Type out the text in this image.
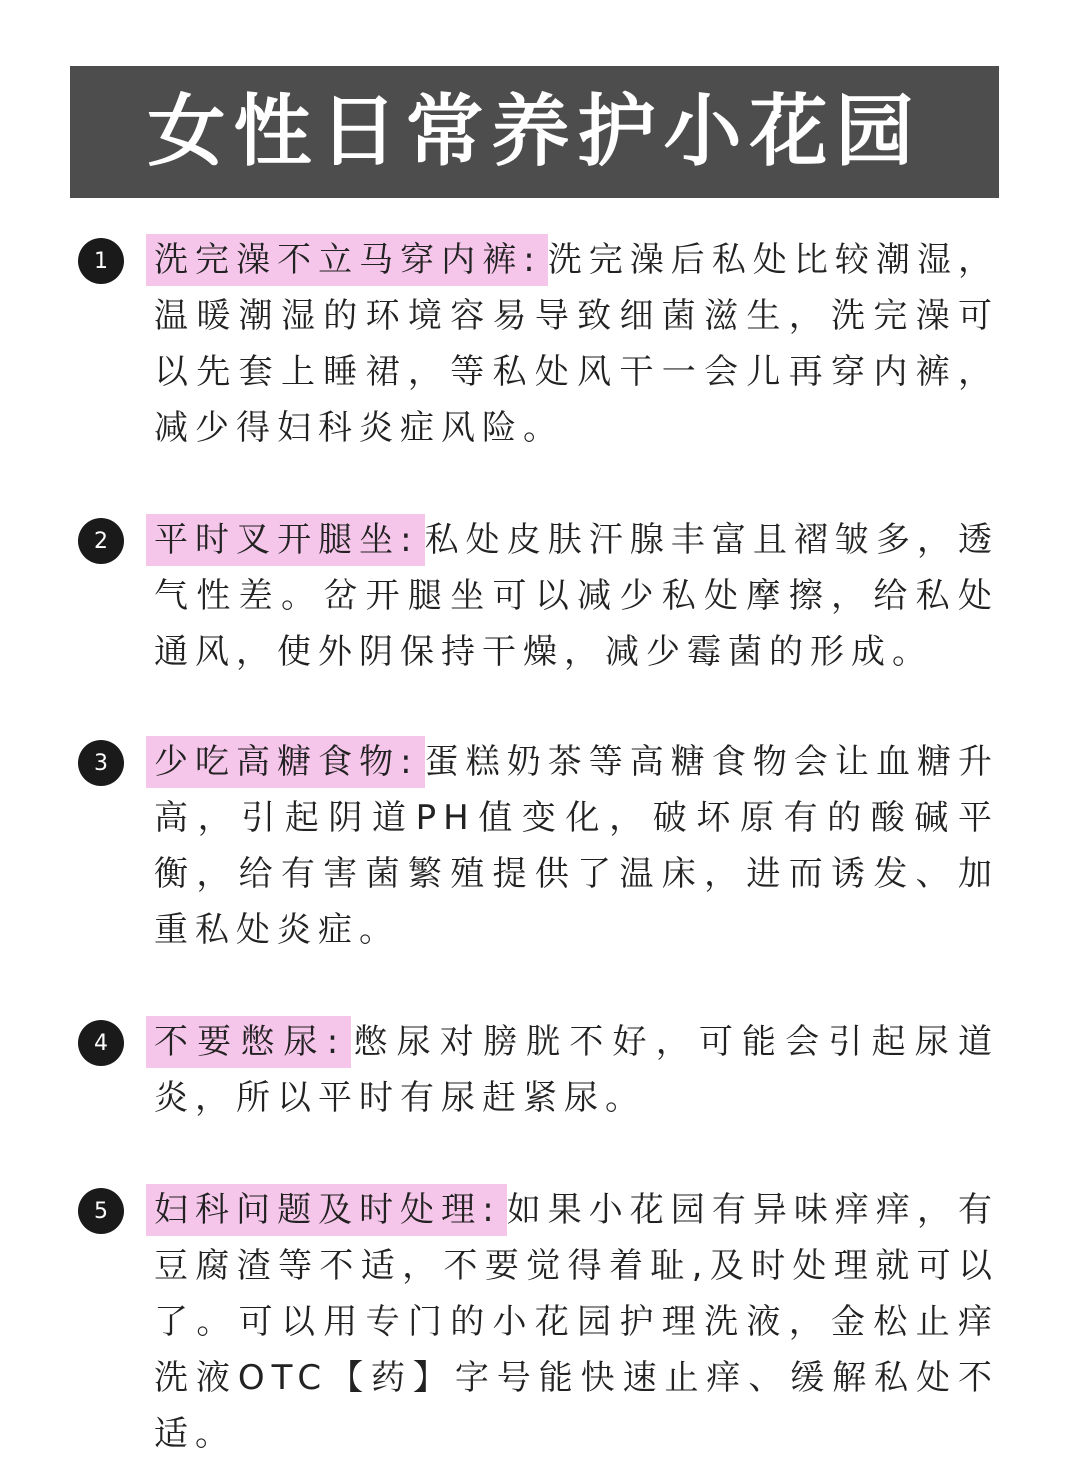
女性日常养护小花园
1	洗完澡不立马穿内裤: 洗完澡后私处比较潮湿，温暖潮湿的环境容易导致细菌滋生，洗完澡可以先套上睡裙，等私处风干一会儿再穿内裤，减少得妇科炎症风险。
2	平时叉开腿坐: 私处皮肤汗腺丰富且褶皱多，透气性差。岔开腿坐可以减少私处摩擦，给私处通风，使外阴保持干燥，减少霉菌的形成。
3	少吃高糖食物: 蛋糕奶茶等高糖食物会让血糖升高，引起阴道PH值变化，破坏原有的酸碱平衡，给有害菌繁殖提供了温床，进而诱发、加重私处炎症。
4	不要憋尿: 憋尿对膀胱不好，可能会引起尿道炎，所以平时有尿赶紧尿。
5	妇科问题及时处理: 如果小花园有异味痒痒，有豆腐渣等不适，不要觉得着耻,及时处理就可以了。可以用专门的小花园护理洗液，金松止痒洗液OTC【药】字号能快速止痒、缓解私处不适。
